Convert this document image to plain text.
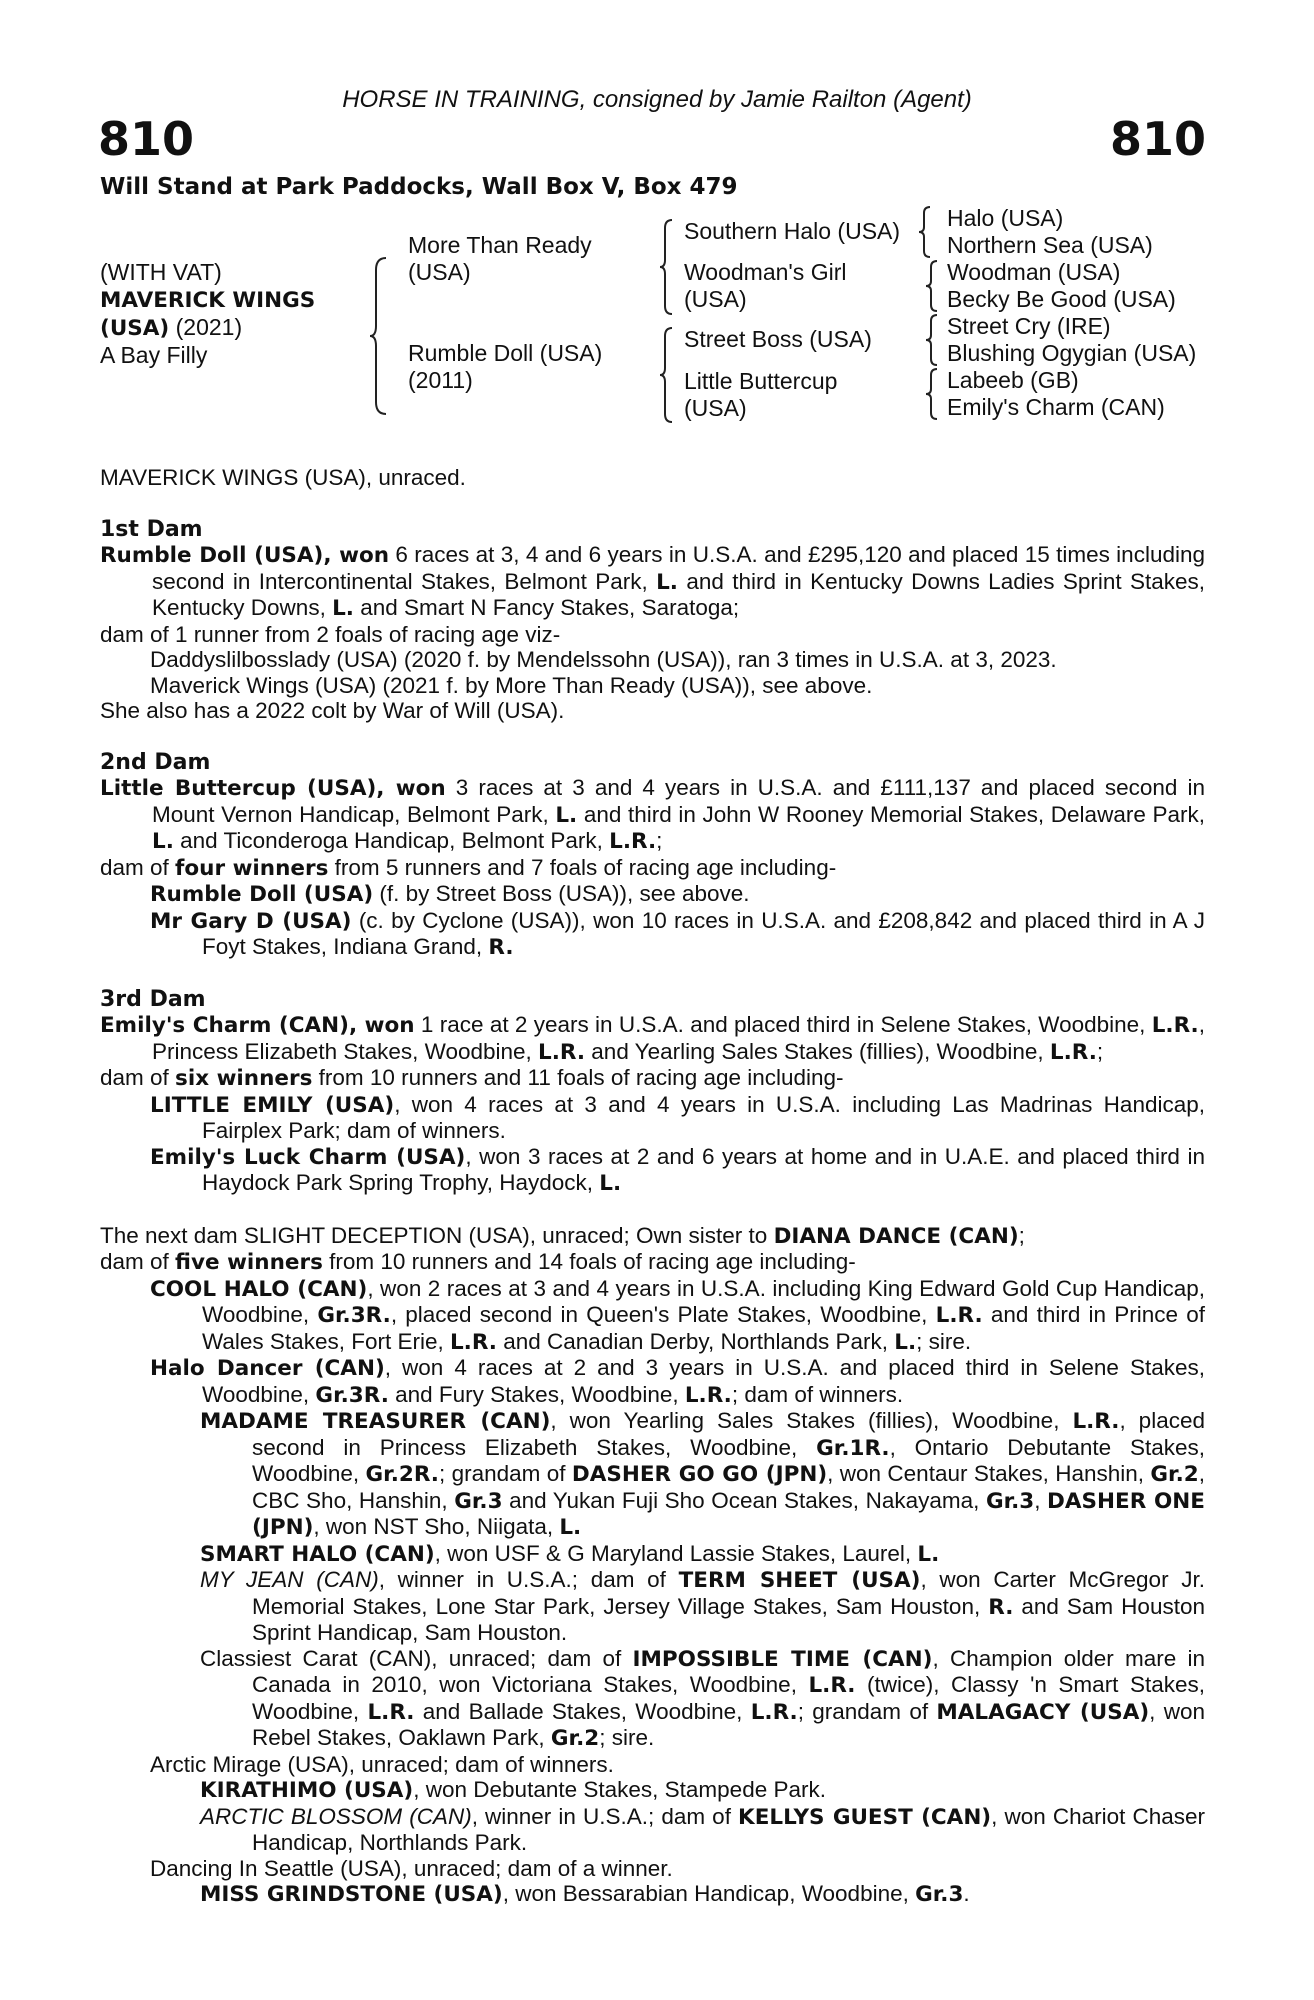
HORSE IN TRAINING, consigned by Jamie Railton (Agent)
810	810
Will Stand at Park Paddocks, Wall Box V, Box 479
(WITH VAT)
MAVERICK WINGS
(USA) (2021)
A Bay Filly
More Than Ready
(USA)
Rumble Doll (USA)
(2011)
Southern Halo (USA)
Woodman's Girl
(USA)
Street Boss (USA)
Little Buttercup
(USA)
Halo (USA)
Northern Sea (USA)
Woodman (USA)
Becky Be Good (USA)
Street Cry (IRE)
Blushing Ogygian (USA)
Labeeb (GB)
Emily's Charm (CAN)

MAVERICK WINGS (USA), unraced.

1st Dam

Rumble Doll (USA), won 6 races at 3, 4 and 6 years in U.S.A. and £295,120 and placed 15 times including second in Intercontinental Stakes, Belmont Park, L. and third in Kentucky Downs Ladies Sprint Stakes, Kentucky Downs, L. and Smart N Fancy Stakes, Saratoga;

dam of 1 runner from 2 foals of racing age viz-

Daddyslilbosslady (USA) (2020 f. by Mendelssohn (USA)), ran 3 times in U.S.A. at 3, 2023.

Maverick Wings (USA) (2021 f. by More Than Ready (USA)), see above.

She also has a 2022 colt by War of Will (USA).

2nd Dam

Little Buttercup (USA), won 3 races at 3 and 4 years in U.S.A. and £111,137 and placed second in Mount Vernon Handicap, Belmont Park, L. and third in John W Rooney Memorial Stakes, Delaware Park, L. and Ticonderoga Handicap, Belmont Park, L.R.;

dam of four winners from 5 runners and 7 foals of racing age including-

Rumble Doll (USA) (f. by Street Boss (USA)), see above.

Mr Gary D (USA) (c. by Cyclone (USA)), won 10 races in U.S.A. and £208,842 and placed third in A J Foyt Stakes, Indiana Grand, R.

3rd Dam

Emily's Charm (CAN), won 1 race at 2 years in U.S.A. and placed third in Selene Stakes, Woodbine, L.R., Princess Elizabeth Stakes, Woodbine, L.R. and Yearling Sales Stakes (fillies), Woodbine, L.R.;

dam of six winners from 10 runners and 11 foals of racing age including-

LITTLE EMILY (USA), won 4 races at 3 and 4 years in U.S.A. including Las Madrinas Handicap, Fairplex Park; dam of winners.

Emily's Luck Charm (USA), won 3 races at 2 and 6 years at home and in U.A.E. and placed third in Haydock Park Spring Trophy, Haydock, L.

The next dam SLIGHT DECEPTION (USA), unraced; Own sister to DIANA DANCE (CAN);

dam of five winners from 10 runners and 14 foals of racing age including-

COOL HALO (CAN), won 2 races at 3 and 4 years in U.S.A. including King Edward Gold Cup Handicap, Woodbine, Gr.3R., placed second in Queen's Plate Stakes, Woodbine, L.R. and third in Prince of Wales Stakes, Fort Erie, L.R. and Canadian Derby, Northlands Park, L.; sire.

Halo Dancer (CAN), won 4 races at 2 and 3 years in U.S.A. and placed third in Selene Stakes, Woodbine, Gr.3R. and Fury Stakes, Woodbine, L.R.; dam of winners.

MADAME TREASURER (CAN), won Yearling Sales Stakes (fillies), Woodbine, L.R., placed second in Princess Elizabeth Stakes, Woodbine, Gr.1R., Ontario Debutante Stakes, Woodbine, Gr.2R.; grandam of DASHER GO GO (JPN), won Centaur Stakes, Hanshin, Gr.2, CBC Sho, Hanshin, Gr.3 and Yukan Fuji Sho Ocean Stakes, Nakayama, Gr.3, DASHER ONE (JPN), won NST Sho, Niigata, L.

SMART HALO (CAN), won USF & G Maryland Lassie Stakes, Laurel, L.

MY JEAN (CAN), winner in U.S.A.; dam of TERM SHEET (USA), won Carter McGregor Jr. Memorial Stakes, Lone Star Park, Jersey Village Stakes, Sam Houston, R. and Sam Houston Sprint Handicap, Sam Houston.

Classiest Carat (CAN), unraced; dam of IMPOSSIBLE TIME (CAN), Champion older mare in Canada in 2010, won Victoriana Stakes, Woodbine, L.R. (twice), Classy 'n Smart Stakes, Woodbine, L.R. and Ballade Stakes, Woodbine, L.R.; grandam of MALAGACY (USA), won Rebel Stakes, Oaklawn Park, Gr.2; sire.

Arctic Mirage (USA), unraced; dam of winners.

KIRATHIMO (USA), won Debutante Stakes, Stampede Park.

ARCTIC BLOSSOM (CAN), winner in U.S.A.; dam of KELLYS GUEST (CAN), won Chariot Chaser Handicap, Northlands Park.

Dancing In Seattle (USA), unraced; dam of a winner.

MISS GRINDSTONE (USA), won Bessarabian Handicap, Woodbine, Gr.3.
